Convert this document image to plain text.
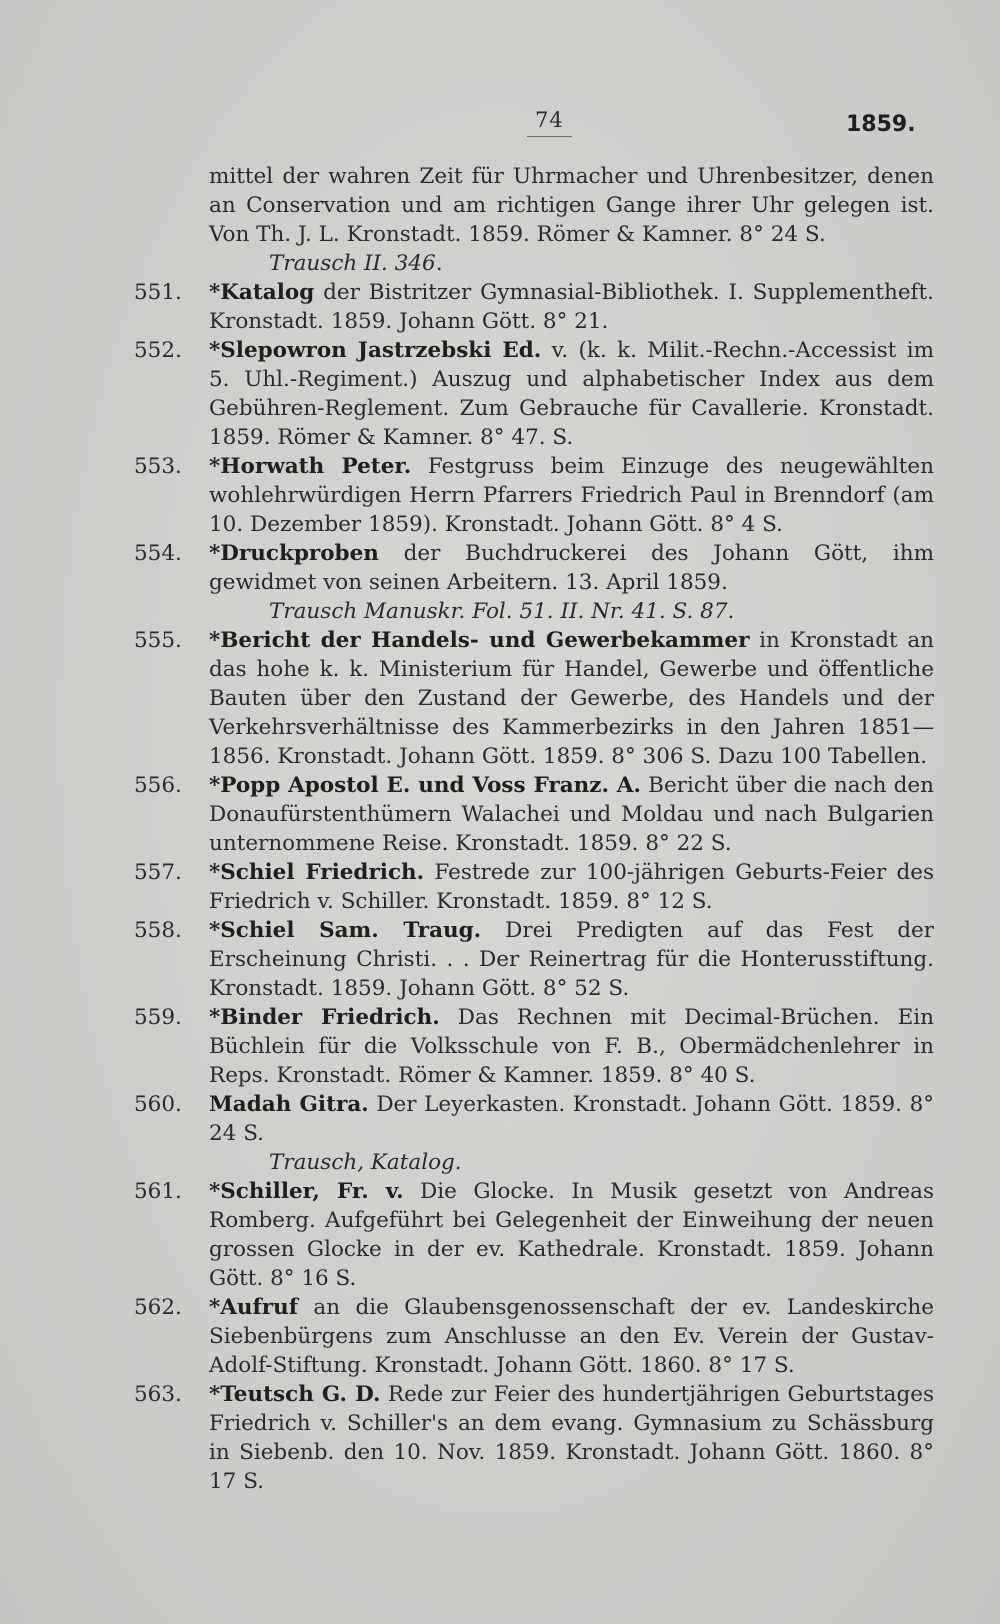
74	1859.

mittel der wahren Zeit für Uhrmacher und Uhrenbesitzer, denen an Conservation und am richtigen Gange ihrer Uhr gelegen ist. Von Th. J. L. Kronstadt. 1859. Römer & Kamner. 8° 24 S.

Trausch II. 346.

551. *Katalog der Bistritzer Gymnasial-Bibliothek. I. Supplementheft. Kronstadt. 1859. Johann Gött. 8° 21.

552. *Slepowron Jastrzebski Ed. v. (k. k. Milit.-Rechn.-Accessist im 5. Uhl.-Regiment.) Auszug und alphabetischer Index aus dem Gebühren-Reglement. Zum Gebrauche für Cavallerie. Kronstadt. 1859. Römer & Kamner. 8° 47. S.

553. *Horwath Peter. Festgruss beim Einzuge des neugewählten wohlehrwürdigen Herrn Pfarrers Friedrich Paul in Brenndorf (am 10. Dezember 1859). Kronstadt. Johann Gött. 8° 4 S.

554. *Druckproben der Buchdruckerei des Johann Gött, ihm gewidmet von seinen Arbeitern. 13. April 1859.

Trausch Manuskr. Fol. 51. II. Nr. 41. S. 87.

555. *Bericht der Handels- und Gewerbekammer in Kronstadt an das hohe k. k. Ministerium für Handel, Gewerbe und öffentliche Bauten über den Zustand der Gewerbe, des Handels und der Verkehrsverhältnisse des Kammerbezirks in den Jahren 1851—1856. Kronstadt. Johann Gött. 1859. 8° 306 S. Dazu 100 Tabellen.

556. *Popp Apostol E. und Voss Franz. A. Bericht über die nach den Donaufürstenthümern Walachei und Moldau und nach Bulgarien unternommene Reise. Kronstadt. 1859. 8° 22 S.

557. *Schiel Friedrich. Festrede zur 100-jährigen Geburts-Feier des Friedrich v. Schiller. Kronstadt. 1859. 8° 12 S.

558. *Schiel Sam. Traug. Drei Predigten auf das Fest der Erscheinung Christi. . . Der Reinertrag für die Honterusstiftung. Kronstadt. 1859. Johann Gött. 8° 52 S.

559. *Binder Friedrich. Das Rechnen mit Decimal-Brüchen. Ein Büchlein für die Volksschule von F. B., Obermädchenlehrer in Reps. Kronstadt. Römer & Kamner. 1859. 8° 40 S.

560. Madah Gitra. Der Leyerkasten. Kronstadt. Johann Gött. 1859. 8° 24 S.

Trausch, Katalog.

561. *Schiller, Fr. v. Die Glocke. In Musik gesetzt von Andreas Romberg. Aufgeführt bei Gelegenheit der Einweihung der neuen grossen Glocke in der ev. Kathedrale. Kronstadt. 1859. Johann Gött. 8° 16 S.

562. *Aufruf an die Glaubensgenossenschaft der ev. Landeskirche Siebenbürgens zum Anschlusse an den Ev. Verein der Gustav-Adolf-Stiftung. Kronstadt. Johann Gött. 1860. 8° 17 S.

563. *Teutsch G. D. Rede zur Feier des hundertjährigen Geburtstages Friedrich v. Schiller's an dem evang. Gymnasium zu Schässburg in Siebenb. den 10. Nov. 1859. Kronstadt. Johann Gött. 1860. 8° 17 S.
